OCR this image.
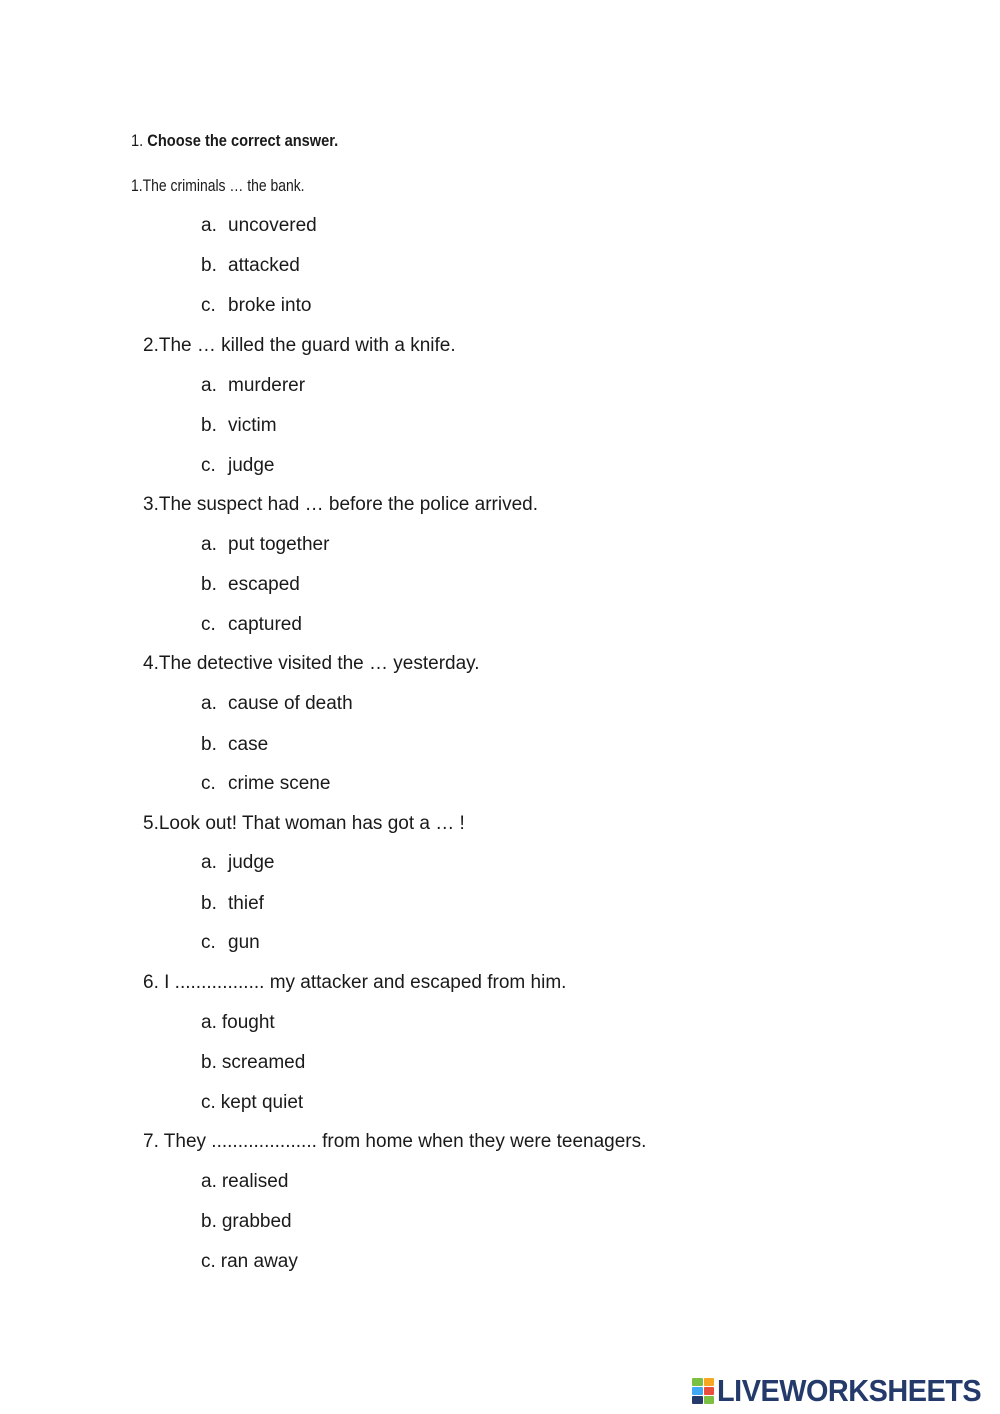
1. Choose the correct answer.
1.The criminals … the bank.
a. uncovered
b. attacked
c. broke into
2.The … killed the guard with a knife.
a. murderer
b. victim
c. judge
3.The suspect had … before the police arrived.
a. put together
b. escaped
c. captured
4.The detective visited the … yesterday.
a. cause of death
b. case
c. crime scene
5.Look out! That woman has got a … !
a. judge
b. thief
c. gun
6. I ................. my attacker and escaped from him.
a. fought
b. screamed
c. kept quiet
7. They .................... from home when they were teenagers.
a. realised
b. grabbed
c. ran away
LIVEWORKSHEETS
